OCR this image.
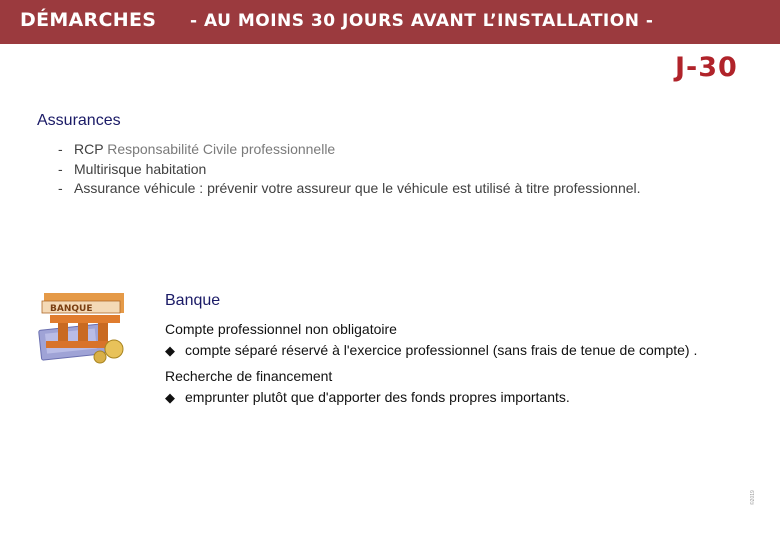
DÉMARCHES - AU MOINS 30 JOURS AVANT L’INSTALLATION -
J-30
Assurances
- RCP Responsabilité Civile professionnelle
- Multirisque habitation
- Assurance véhicule : prévenir votre assureur que le véhicule est utilisé à titre professionnel.
BANQUE	Banque
Compte professionnel non obligatoire
◆ compte séparé réservé à l'exercice professionnel (sans frais de tenue de compte) .
Recherche de financement
◆ emprunter plutôt que d'apporter des fonds propres importants.
©2019
